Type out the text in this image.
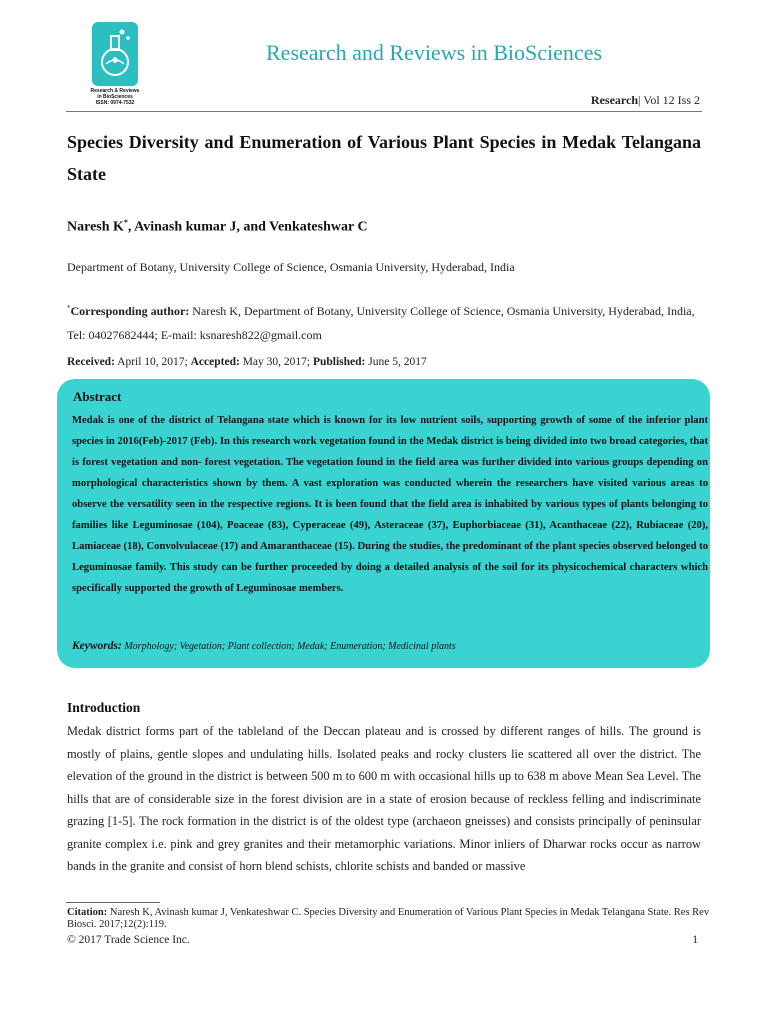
Research & Reviews
in BioSciences
ISSN: 0974-7532
Research and Reviews in BioSciences
Research| Vol 12 Iss 2
Species Diversity and Enumeration of Various Plant Species in Medak Telangana State
Naresh K*, Avinash kumar J, and Venkateshwar C
Department of Botany, University College of Science, Osmania University, Hyderabad, India
*Corresponding author: Naresh K, Department of Botany, University College of Science, Osmania University, Hyderabad, India, Tel: 04027682444; E-mail: ksnaresh822@gmail.com
Received: April 10, 2017; Accepted: May 30, 2017; Published: June 5, 2017
Abstract
Medak is one of the district of Telangana state which is known for its low nutrient soils, supporting growth of some of the inferior plant species in 2016(Feb)-2017 (Feb). In this research work vegetation found in the Medak district is being divided into two broad categories, that is forest vegetation and non- forest vegetation. The vegetation found in the field area was further divided into various groups depending on morphological characteristics shown by them. A vast exploration was conducted wherein the researchers have visited various areas to observe the versatility seen in the respective regions. It is been found that the field area is inhabited by various types of plants belonging to families like Leguminosae (104), Poaceae (83), Cyperaceae (49), Asteraceae (37), Euphorbiaceae (31), Acanthaceae (22), Rubiaceae (20), Lamiaceae (18), Convolvulaceae (17) and Amaranthaceae (15). During the studies, the predominant of the plant species observed belonged to Leguminosae family. This study can be further proceeded by doing a detailed analysis of the soil for its physicochemical characters which specifically supported the growth of Leguminosae members.
Keywords: Morphology; Vegetation; Plant collection; Medak; Enumeration; Medicinal plants
Introduction
Medak district forms part of the tableland of the Deccan plateau and is crossed by different ranges of hills. The ground is mostly of plains, gentle slopes and undulating hills. Isolated peaks and rocky clusters lie scattered all over the district. The elevation of the ground in the district is between 500 m to 600 m with occasional hills up to 638 m above Mean Sea Level. The hills that are of considerable size in the forest division are in a state of erosion because of reckless felling and indiscriminate grazing [1-5]. The rock formation in the district is of the oldest type (archaeon gneisses) and consists principally of peninsular granite complex i.e. pink and grey granites and their metamorphic variations. Minor inliers of Dharwar rocks occur as narrow bands in the granite and consist of horn blend schists, chlorite schists and banded or massive
Citation: Naresh K, Avinash kumar J, Venkateshwar C. Species Diversity and Enumeration of Various Plant Species in Medak Telangana State. Res Rev Biosci. 2017;12(2):119.
© 2017 Trade Science Inc.	1
